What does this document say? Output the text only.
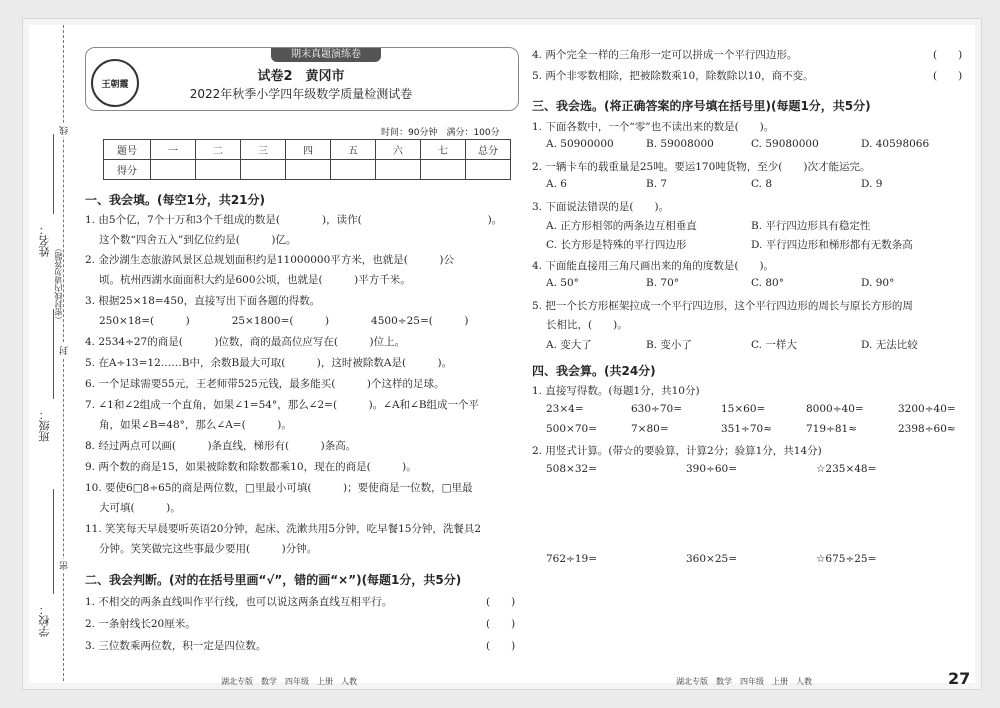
姓名：
班级：
学校：
（密封线内请勿答题）
线
封
密
期末真题演练卷
王朝霞
试卷2　黄冈市
2022年秋季小学四年级数学质量检测试卷
时间：90分钟　满分：100分
题号	一	二	三	四	五	六	七	总分
得分								
一、我会填。(每空1分，共21分)
1. 由5个亿，7个十万和3个千组成的数是(　　　　)，读作(　　　　　　　　　　　　)。
这个数“四舍五入”到亿位约是(　　　)亿。
2. 金沙湖生态旅游风景区总规划面积约是11000000平方米，也就是(　　　)公
顷。杭州西湖水面面积大约是600公顷，也就是(　　　)平方千米。
3. 根据25×18=450，直接写出下面各题的得数。
250×18=(　　　)　　　　25×1800=(　　　)　　　　4500÷25=(　　　)
4. 2534÷27的商是(　　　)位数，商的最高位应写在(　　　)位上。
5. 在A÷13=12……B中，余数B最大可取(　　　)，这时被除数A是(　　　)。
6. 一个足球需要55元，王老师带525元钱，最多能买(　　　)个这样的足球。
7. ∠1和∠2组成一个直角，如果∠1=54°，那么∠2=(　　　)。∠A和∠B组成一个平
角，如果∠B=48°，那么∠A=(　　　)。
8. 经过两点可以画(　　　)条直线，梯形有(　　　)条高。
9. 两个数的商是15，如果被除数和除数都乘10，现在的商是(　　　)。
10. 要使6□8÷65的商是两位数，□里最小可填(　　　)；要使商是一位数，□里最
大可填(　　　)。
11. 笑笑每天早晨要听英语20分钟，起床、洗漱共用5分钟，吃早餐15分钟，洗餐具2
分钟。笑笑做完这些事最少要用(　　　)分钟。
二、我会判断。(对的在括号里画“√”，错的画“×”)(每题1分，共5分)
1. 不相交的两条直线叫作平行线，也可以说这两条直线互相平行。	(　　)
2. 一条射线长20厘米。	(　　)
3. 三位数乘两位数，积一定是四位数。	(　　)
湖北专版　数学　四年级　上册　人教
4. 两个完全一样的三角形一定可以拼成一个平行四边形。	(　　)
5. 两个非零数相除，把被除数乘10，除数除以10，商不变。	(　　)
三、我会选。(将正确答案的序号填在括号里)(每题1分，共5分)
1. 下面各数中，一个“零”也不读出来的数是(　　)。
A. 50900000	B. 59008000	C. 59080000	D. 40598066
2. 一辆卡车的载重量是25吨。要运170吨货物，至少(　　)次才能运完。
A. 6	B. 7	C. 8	D. 9
3. 下面说法错误的是(　　)。
A. 正方形相邻的两条边互相垂直	B. 平行四边形具有稳定性
C. 长方形是特殊的平行四边形	D. 平行四边形和梯形都有无数条高
4. 下面能直接用三角尺画出来的角的度数是(　　)。
A. 50°	B. 70°	C. 80°	D. 90°
5. 把一个长方形框架拉成一个平行四边形，这个平行四边形的周长与原长方形的周
长相比，(　　)。
A. 变大了	B. 变小了	C. 一样大	D. 无法比较
四、我会算。(共24分)
1. 直接写得数。(每题1分，共10分)
23×4=	630÷70=	15×60=	8000÷40=	3200÷40=
500×70=	7×80=	351÷70≈	719÷81≈	2398÷60≈
2. 用竖式计算。(带☆的要验算，计算2分；验算1分，共14分)
508×32=	390÷60=	☆235×48=
762÷19=	360×25=	☆675÷25=
湖北专版　数学　四年级　上册　人教	27
